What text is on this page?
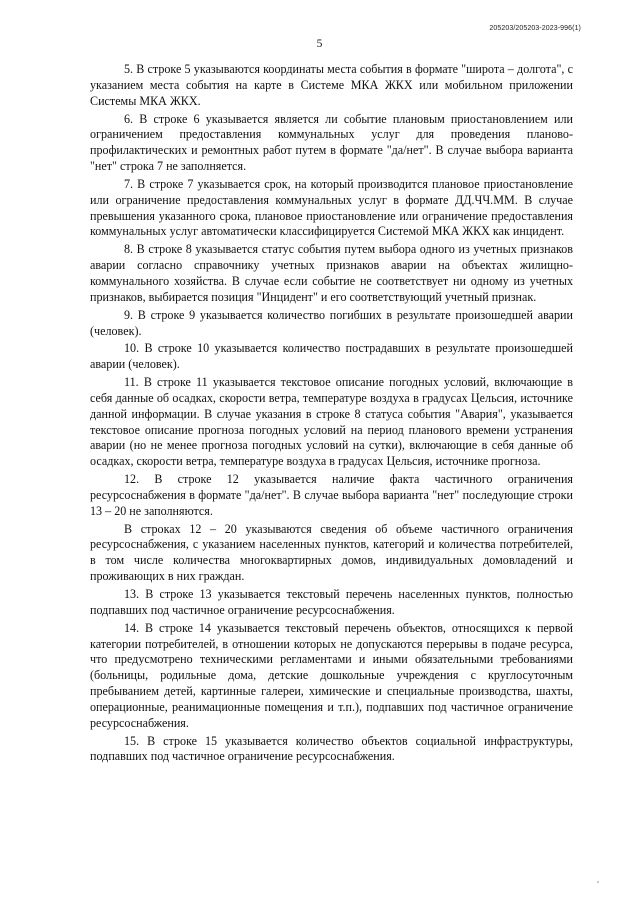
205203/205203-2023-996(1)
5

5. В строке 5 указываются координаты места события в формате "широта – долгота", с указанием места события на карте в Системе МКА ЖКХ или мобильном приложении Системы МКА ЖКХ.

6. В строке 6 указывается является ли событие плановым приостановлением или ограничением предоставления коммунальных услуг для проведения планово-профилактических и ремонтных работ путем в формате "да/нет". В случае выбора варианта "нет" строка 7 не заполняется.

7. В строке 7 указывается срок, на который производится плановое приостановление или ограничение предоставления коммунальных услуг в формате ДД.ЧЧ.ММ. В случае превышения указанного срока, плановое приостановление или ограничение предоставления коммунальных услуг автоматически классифицируется Системой МКА ЖКХ как инцидент.

8. В строке 8 указывается статус события путем выбора одного из учетных признаков аварии согласно справочнику учетных признаков аварии на объектах жилищно-коммунального хозяйства. В случае если событие не соответствует ни одному из учетных признаков, выбирается позиция "Инцидент" и его соответствующий учетный признак.

9. В строке 9 указывается количество погибших в результате произошедшей аварии (человек).

10. В строке 10 указывается количество пострадавших в результате произошедшей аварии (человек).

11. В строке 11 указывается текстовое описание погодных условий, включающие в себя данные об осадках, скорости ветра, температуре воздуха в градусах Цельсия, источнике данной информации. В случае указания в строке 8 статуса события "Авария", указывается текстовое описание прогноза погодных условий на период планового времени устранения аварии (но не менее прогноза погодных условий на сутки), включающие в себя данные об осадках, скорости ветра, температуре воздуха в градусах Цельсия, источнике прогноза.

12. В строке 12 указывается наличие факта частичного ограничения ресурсоснабжения в формате "да/нет". В случае выбора варианта "нет" последующие строки 13 – 20 не заполняются.

В строках 12 – 20 указываются сведения об объеме частичного ограничения ресурсоснабжения, с указанием населенных пунктов, категорий и количества потребителей, в том числе количества многоквартирных домов, индивидуальных домовладений и проживающих в них граждан.

13. В строке 13 указывается текстовый перечень населенных пунктов, полностью подпавших под частичное ограничение ресурсоснабжения.

14. В строке 14 указывается текстовый перечень объектов, относящихся к первой категории потребителей, в отношении которых не допускаются перерывы в подаче ресурса, что предусмотрено техническими регламентами и иными обязательными требованиями (больницы, родильные дома, детские дошкольные учреждения с круглосуточным пребыванием детей, картинные галереи, химические и специальные производства, шахты, операционные, реанимационные помещения и т.п.), подпавших под частичное ограничение ресурсоснабжения.

15. В строке 15 указывается количество объектов социальной инфраструктуры, подпавших под частичное ограничение ресурсоснабжения.
